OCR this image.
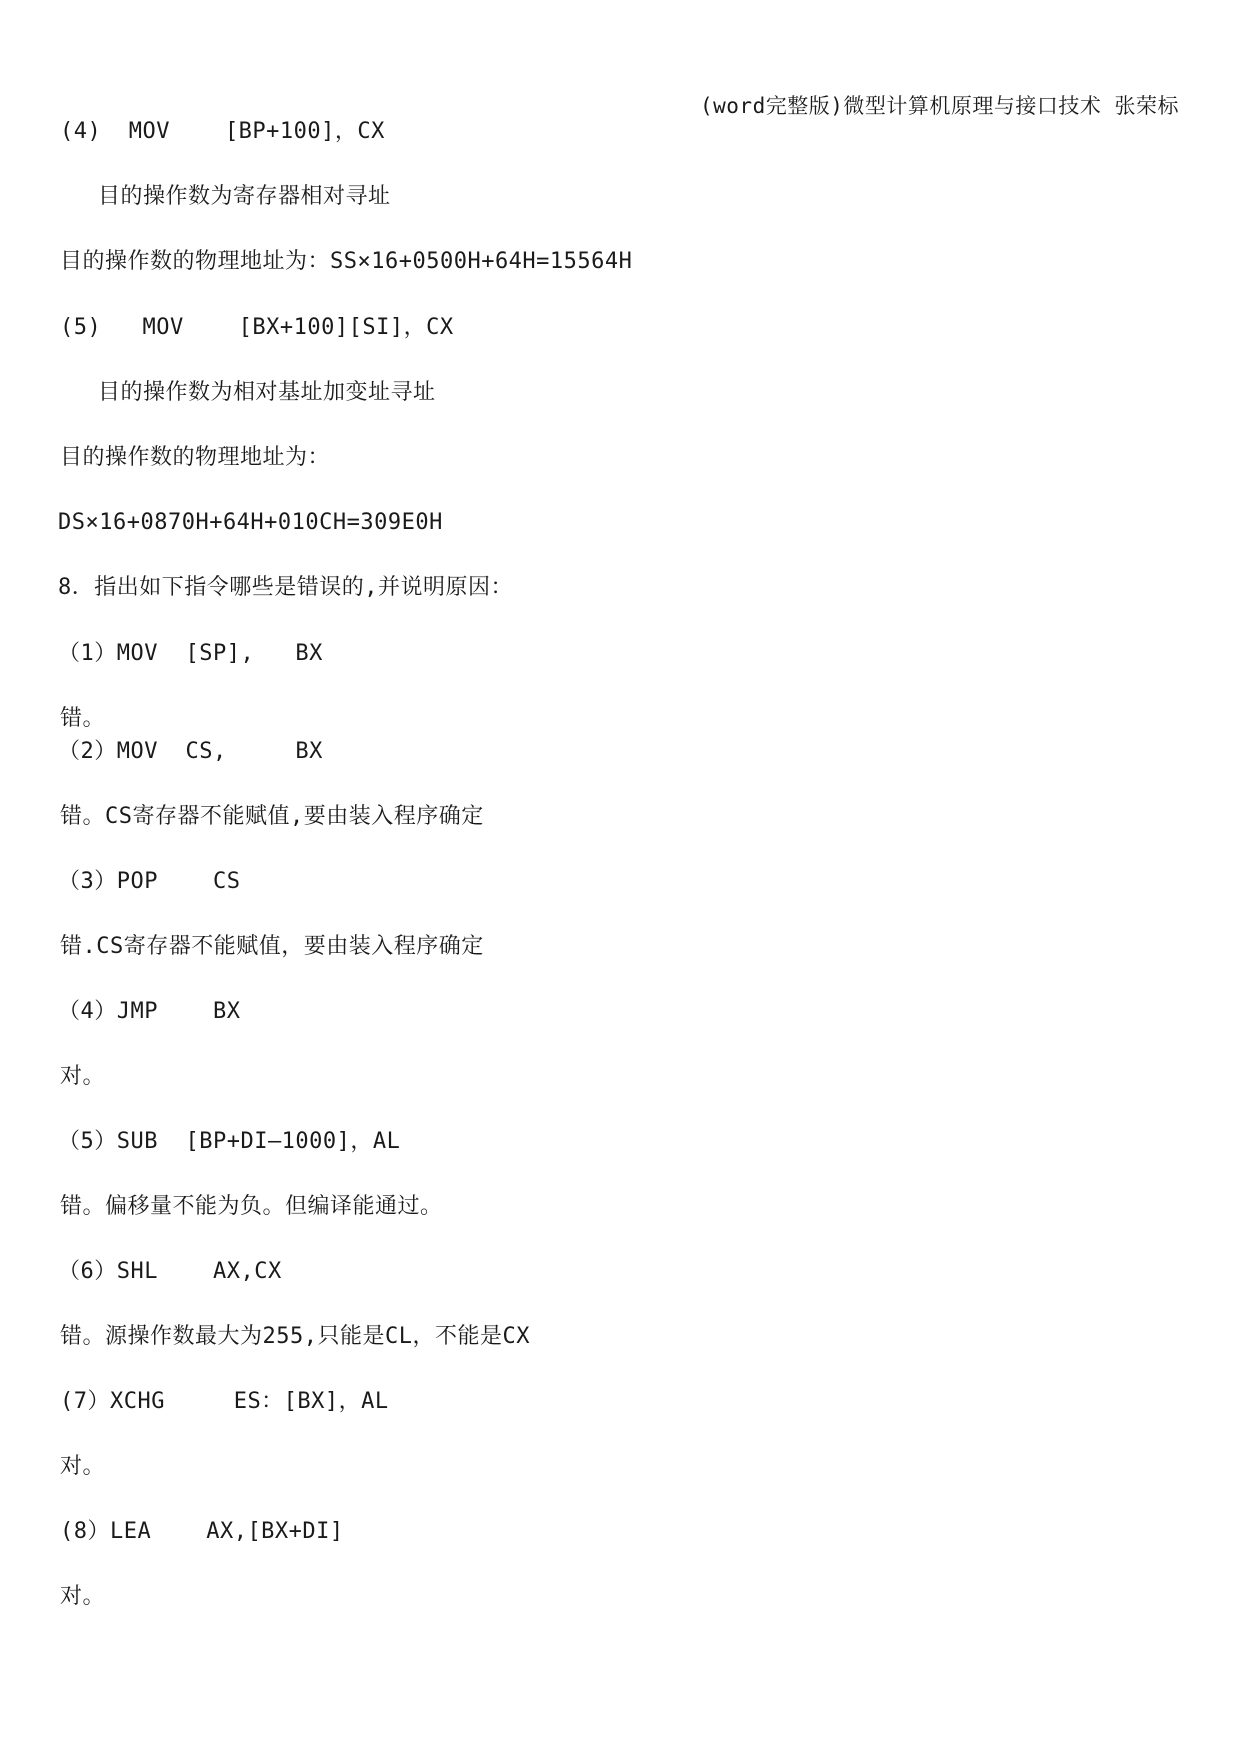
(word完整版)微型计算机原理与接口技术 张荣标
(4)  MOV    [BP+100]，CX
目的操作数为寄存器相对寻址
目的操作数的物理地址为：SS×16+0500H+64H=15564H
(5)   MOV    [BX+100][SI]，CX
目的操作数为相对基址加变址寻址
目的操作数的物理地址为：
DS×16+0870H+64H+010CH=309E0H
8．指出如下指令哪些是错误的,并说明原因：
（1）MOV  [SP],   BX
错。
（2）MOV  CS,     BX
错。CS寄存器不能赋值,要由装入程序确定
（3）POP    CS
错.CS寄存器不能赋值，要由装入程序确定
（4）JMP    BX
对。
（5）SUB  [BP+DI—1000]，AL
错。偏移量不能为负。但编译能通过。
（6）SHL    AX,CX
错。源操作数最大为255,只能是CL，不能是CX
(7）XCHG     ES：[BX]，AL
对。
(8）LEA    AX,[BX+DI]
对。
